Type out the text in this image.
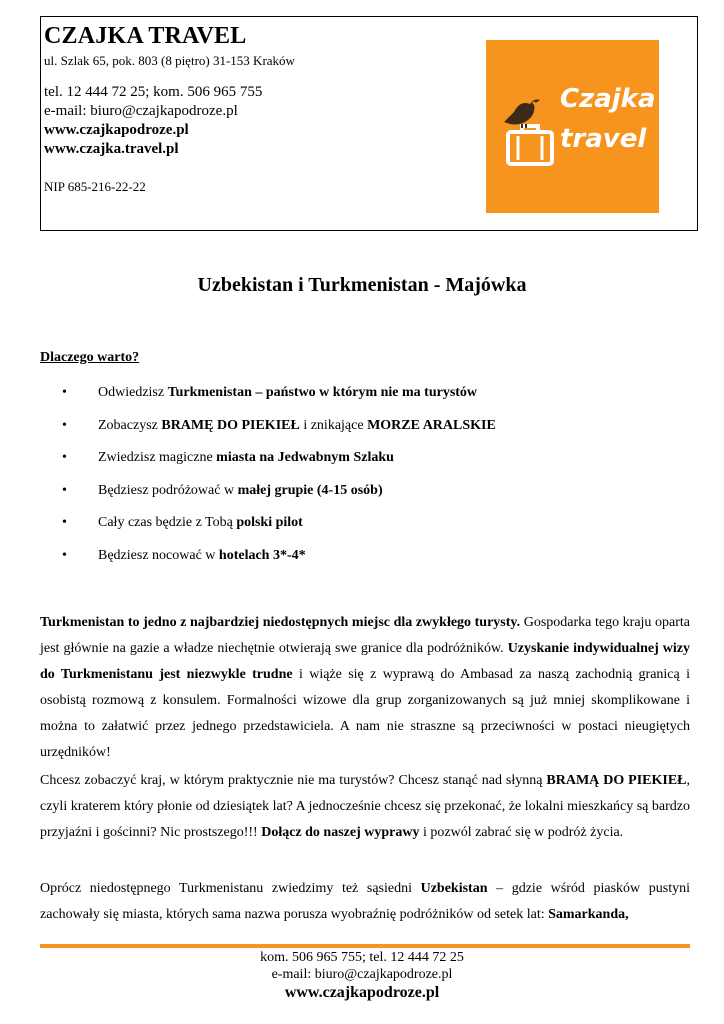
CZAJKA TRAVEL
ul. Szlak 65, pok. 803 (8 piętro) 31-153 Kraków
tel. 12 444 72 25; kom. 506 965 755
e-mail: biuro@czajkapodroze.pl
www.czajkapodroze.pl
www.czajka.travel.pl
NIP 685-216-22-22
Czajka
travel
Uzbekistan i Turkmenistan - Majówka
Dlaczego warto?
• Odwiedzisz Turkmenistan – państwo w którym nie ma turystów
• Zobaczysz BRAMĘ DO PIEKIEŁ i znikające MORZE ARALSKIE
• Zwiedzisz magiczne miasta na Jedwabnym Szlaku
• Będziesz podróżować w małej grupie (4-15 osób)
• Cały czas będzie z Tobą polski pilot
• Będziesz nocować w hotelach 3*-4*
Turkmenistan to jedno z najbardziej niedostępnych miejsc dla zwykłego turysty. Gospodarka tego kraju oparta jest głównie na gazie a władze niechętnie otwierają swe granice dla podróżników. Uzyskanie indywidualnej wizy do Turkmenistanu jest niezwykle trudne i wiąże się z wyprawą do Ambasad za naszą zachodnią granicą i osobistą rozmową z konsulem. Formalności wizowe dla grup zorganizowanych są już mniej skomplikowane i można to załatwić przez jednego przedstawiciela. A nam nie straszne są przeciwności w postaci nieugiętych urzędników!
Chcesz zobaczyć kraj, w którym praktycznie nie ma turystów? Chcesz stanąć nad słynną BRAMĄ DO PIEKIEŁ, czyli kraterem który płonie od dziesiątek lat? A jednocześnie chcesz się przekonać, że lokalni mieszkańcy są bardzo przyjaźni i gościnni? Nic prostszego!!! Dołącz do naszej wyprawy i pozwól zabrać się w podróż życia.
Oprócz niedostępnego Turkmenistanu zwiedzimy też sąsiedni Uzbekistan – gdzie wśród piasków pustyni zachowały się miasta, których sama nazwa porusza wyobraźnię podróżników od setek lat: Samarkanda,
kom. 506 965 755; tel. 12 444 72 25
e-mail: biuro@czajkapodroze.pl
www.czajkapodroze.pl
